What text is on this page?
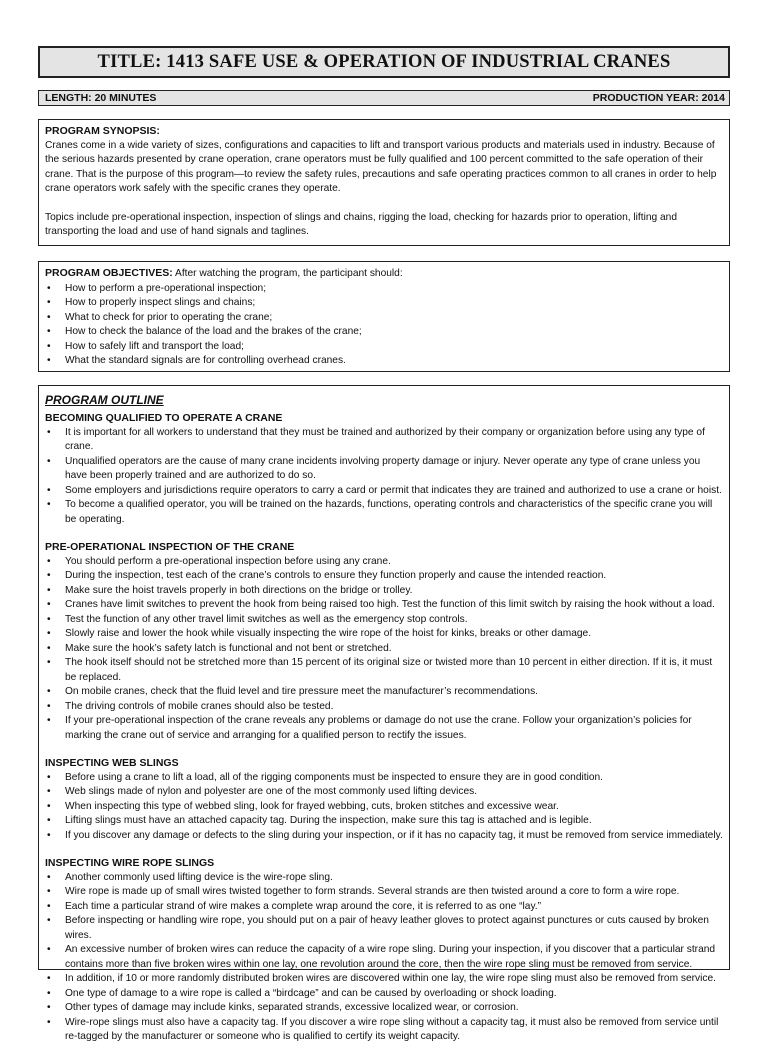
TITLE: 1413 SAFE USE & OPERATION OF INDUSTRIAL CRANES
LENGTH: 20 MINUTES	PRODUCTION YEAR: 2014
PROGRAM SYNOPSIS:

Cranes come in a wide variety of sizes, configurations and capacities to lift and transport various products and materials used in industry. Because of the serious hazards presented by crane operation, crane operators must be fully qualified and 100 percent committed to the safe operation of their crane. That is the purpose of this program—to review the safety rules, precautions and safe operating practices common to all cranes in order to help crane operators work safely with the specific cranes they operate.

Topics include pre-operational inspection, inspection of slings and chains, rigging the load, checking for hazards prior to operation, lifting and transporting the load and use of hand signals and taglines.

PROGRAM OBJECTIVES: After watching the program, the participant should:
• How to perform a pre-operational inspection;
• How to properly inspect slings and chains;
• What to check for prior to operating the crane;
• How to check the balance of the load and the brakes of the crane;
• How to safely lift and transport the load;
• What the standard signals are for controlling overhead cranes.
PROGRAM OUTLINE
BECOMING QUALIFIED TO OPERATE A CRANE
• It is important for all workers to understand that they must be trained and authorized by their company or organization before using any type of crane.
• Unqualified operators are the cause of many crane incidents involving property damage or injury. Never operate any type of crane unless you have been properly trained and are authorized to do so.
• Some employers and jurisdictions require operators to carry a card or permit that indicates they are trained and authorized to use a crane or hoist.
• To become a qualified operator, you will be trained on the hazards, functions, operating controls and characteristics of the specific crane you will be operating.
PRE-OPERATIONAL INSPECTION OF THE CRANE
• You should perform a pre-operational inspection before using any crane.
• During the inspection, test each of the crane’s controls to ensure they function properly and cause the intended reaction.
• Make sure the hoist travels properly in both directions on the bridge or trolley.
• Cranes have limit switches to prevent the hook from being raised too high. Test the function of this limit switch by raising the hook without a load.
• Test the function of any other travel limit switches as well as the emergency stop controls.
• Slowly raise and lower the hook while visually inspecting the wire rope of the hoist for kinks, breaks or other damage.
• Make sure the hook’s safety latch is functional and not bent or stretched.
• The hook itself should not be stretched more than 15 percent of its original size or twisted more than 10 percent in either direction. If it is, it must be replaced.
• On mobile cranes, check that the fluid level and tire pressure meet the manufacturer’s recommendations.
• The driving controls of mobile cranes should also be tested.
• If your pre-operational inspection of the crane reveals any problems or damage do not use the crane. Follow your organization’s policies for marking the crane out of service and arranging for a qualified person to rectify the issues.
INSPECTING WEB SLINGS
• Before using a crane to lift a load, all of the rigging components must be inspected to ensure they are in good condition.
• Web slings made of nylon and polyester are one of the most commonly used lifting devices.
• When inspecting this type of webbed sling, look for frayed webbing, cuts, broken stitches and excessive wear.
• Lifting slings must have an attached capacity tag. During the inspection, make sure this tag is attached and is legible.
• If you discover any damage or defects to the sling during your inspection, or if it has no capacity tag, it must be removed from service immediately.
INSPECTING WIRE ROPE SLINGS
• Another commonly used lifting device is the wire-rope sling.
• Wire rope is made up of small wires twisted together to form strands. Several strands are then twisted around a core to form a wire rope.
• Each time a particular strand of wire makes a complete wrap around the core, it is referred to as one “lay.”
• Before inspecting or handling wire rope, you should put on a pair of heavy leather gloves to protect against punctures or cuts caused by broken wires.
• An excessive number of broken wires can reduce the capacity of a wire rope sling. During your inspection, if you discover that a particular strand contains more than five broken wires within one lay, one revolution around the core, then the wire rope sling must be removed from service.
• In addition, if 10 or more randomly distributed broken wires are discovered within one lay, the wire rope sling must also be removed from service.
• One type of damage to a wire rope is called a “birdcage” and can be caused by overloading or shock loading.
• Other types of damage may include kinks, separated strands, excessive localized wear, or corrosion.
• Wire-rope slings must also have a capacity tag. If you discover a wire rope sling without a capacity tag, it must also be removed from service until re-tagged by the manufacturer or someone who is qualified to certify its weight capacity.
